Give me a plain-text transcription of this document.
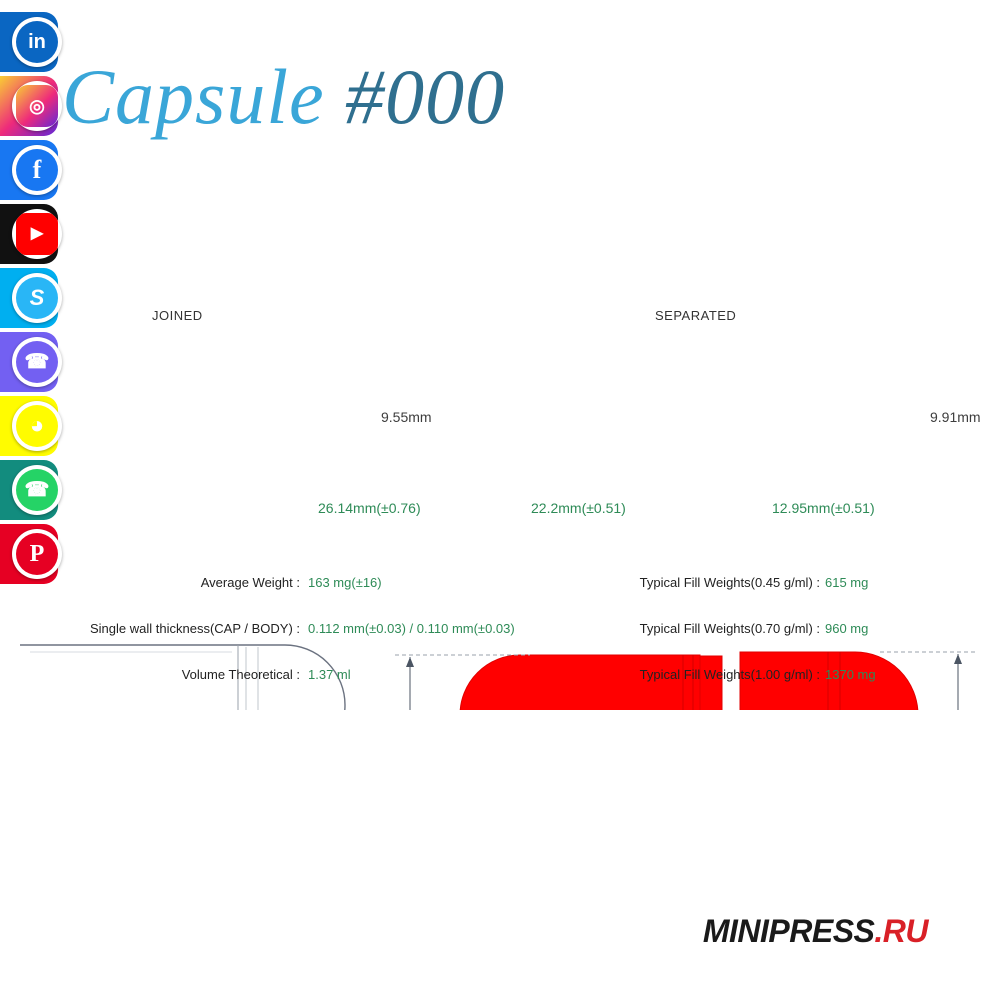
in
◎
f
▶
S
☎
◕
☎
P
Capsule #000
JOINED	SEPARATED
26.14mm(±0.76)	22.2mm(±0.51)	12.95mm(±0.51)
9.55mm	9.91mm
Average Weight : 163 mg(±16)	Typical Fill Weights(0.45 g/ml) : 615 mg
Single wall thickness(CAP / BODY) : 0.112 mm(±0.03) / 0.110 mm(±0.03)	Typical Fill Weights(0.70 g/ml) : 960 mg
Volume Theoretical : 1.37 ml	Typical Fill Weights(1.00 g/ml) : 1370 mg
MINIPRESS.RU
